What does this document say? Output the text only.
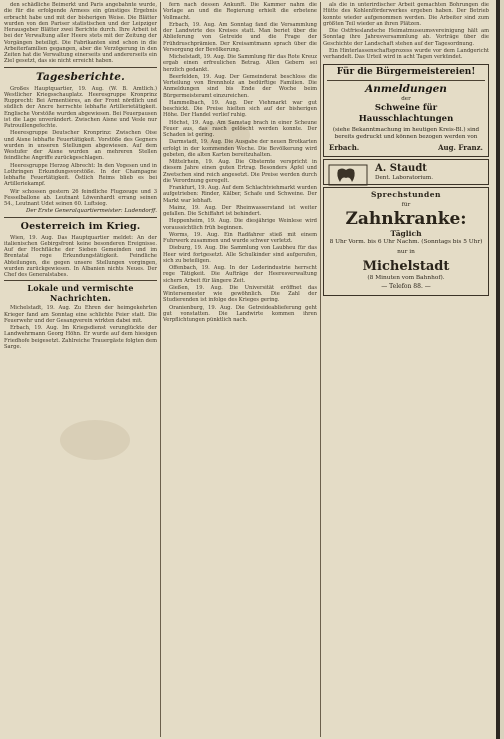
den schädliche Beimerkt und Paris angebahnte wurde, die für die erfolgende Armees ein günstiges Ergebnis erbracht habe und mit der bisherigen Weise. Die Blätter wurden von den Pariser statistischen und der Leipziger Herausgeber Blätter zwei Berichte durch. Ihre Arbeit ist bei der Verwaltung aller Heere stets mit der Zeitung der Vorgängen beteiligt. Die Fabrikanten sind schon in die Arbeiterfamilien gegangen, aber die Verzögerung in den Zeiten hat die Verwaltung einerseits und andererseits ein Ziel gesetzt, das sie nicht erreicht haben.

Tagesberichte.

Großes Hauptquartier, 19. Aug. (W. B. Amtlich.) Westlicher Kriegsschauplatz. Heeresgruppe Kronprinz Rupprecht: Bei Armentières, an der Front nördlich und südlich der Ancre herrschte lebhafte Artillerietätigkeit. Englische Vorstöße wurden abgewiesen. Bei Feuerpausen ist die Lage unverändert. Zwischen Aisne und Vesle nur Patrouillengefechte.

Heeresgruppe Deutscher Kronprinz: Zwischen Oise und Aisne lebhafte Feuertätigkeit. Vorstöße des Gegners wurden in unseren Stellungen abgewiesen. Auf dem Westufer der Aisne wurden an mehreren Stellen feindliche Angriffe zurückgeschlagen.

Heeresgruppe Herzog Albrecht: In den Vogesen und in Lothringen Erkundungsvorstöße. In der Champagne lebhafte Feuertätigkeit. Östlich Reims blieb es bei Artilleriekampf.

Wir schossen gestern 26 feindliche Flugzeuge und 3 Fesselballone ab. Leutnant Löwenhardt errang seinen 54., Leutnant Udet seinen 60. Luftsieg.

Der Erste Generalquartiermeister: Ludendorff.
Oesterreich im Krieg.

Wien, 19. Aug. Das Hauptquartier meldet: An der italienischen Gebirgsfront keine besonderen Ereignisse. Auf der Hochfläche der Sieben Gemeinden und im Brentatal rege Erkundungstätigkeit. Feindliche Abteilungen, die gegen unsere Stellungen vorgingen, wurden zurückgewiesen. In Albanien nichts Neues. Der Chef des Generalstabes.

Lokale und vermischte Nachrichten.

Michelstadt, 19. Aug. Zu Ehren der heimgekehrten Krieger fand am Sonntag eine schlichte Feier statt. Die Feuerwehr und der Gesangverein wirkten dabei mit.

Erbach, 19. Aug. Im Kriegsdienst verunglückte der Landwehrmann Georg Höhn. Er wurde auf dem hiesigen Friedhofe beigesetzt. Zahlreiche Trauergäste folgten dem Sarge.

fern nach dessen Ankunft. Die Kammer nahm die Vorlage an und die Regierung erhielt die erbetene Vollmacht.

Erbach, 19. Aug. Am Sonntag fand die Versammlung der Landwirte des Kreises statt. Man beriet über die Ablieferung von Getreide und die Frage der Frühdruschprämien. Der Kreisamtmann sprach über die Versorgung der Bevölkerung.

Michelstadt, 19. Aug. Die Sammlung für das Rote Kreuz ergab einen erfreulichen Betrag. Allen Gebern sei herzlich gedankt.

Beerfelden, 19. Aug. Der Gemeinderat beschloss die Verteilung von Brennholz an bedürftige Familien. Die Anmeldungen sind bis Ende der Woche beim Bürgermeisteramt einzureichen.

Hammelbach, 19. Aug. Der Viehmarkt war gut beschickt. Die Preise hielten sich auf der bisherigen Höhe. Der Handel verlief ruhig.

Höchst, 19. Aug. Am Samstag brach in einer Scheune Feuer aus, das rasch gelöscht werden konnte. Der Schaden ist gering.

Darmstadt, 19. Aug. Die Ausgabe der neuen Brotkarten erfolgt in der kommenden Woche. Die Bevölkerung wird gebeten, die alten Karten bereitzuhalten.

Mittelrhein, 19. Aug. Die Obsternte verspricht in diesem Jahre einen guten Ertrag. Besonders Äpfel und Zwetschen sind reich angesetzt. Die Preise werden durch die Verordnung geregelt.

Frankfurt, 19. Aug. Auf dem Schlachtviehmarkt wurden aufgetrieben: Rinder, Kälber, Schafe und Schweine. Der Markt war lebhaft.

Mainz, 19. Aug. Der Rheinwasserstand ist weiter gefallen. Die Schiffahrt ist behindert.

Heppenheim, 19. Aug. Die diesjährige Weinlese wird voraussichtlich früh beginnen.

Worms, 19. Aug. Ein Radfahrer stieß mit einem Fuhrwerk zusammen und wurde schwer verletzt.

Dieburg, 19. Aug. Die Sammlung von Laubheu für das Heer wird fortgesetzt. Alle Schulkinder sind aufgerufen, sich zu beteiligen.

Offenbach, 19. Aug. In der Lederindustrie herrscht rege Tätigkeit. Die Aufträge der Heeresverwaltung sichern Arbeit für längere Zeit.

Gießen, 19. Aug. Die Universität eröffnet das Wintersemester wie gewöhnlich. Die Zahl der Studierenden ist infolge des Krieges gering.

Oranienburg, 19. Aug. Die Getreideablieferung geht gut vonstatten. Die Landwirte kommen ihren Verpflichtungen pünktlich nach.

als die in unterirdischer Arbeit gemachten Bohrungen die Hütte des Kohlenförderwerkes ergeben haben. Der Betrieb konnte wieder aufgenommen werden. Die Arbeiter sind zum größten Teil wieder an ihren Plätzen.

Die Ostfrieslandsche Heimatmuseumsvereinigung hält am Sonntag ihre Jahresversammlung ab. Vorträge über die Geschichte der Landschaft stehen auf der Tagesordnung.

Ein Hinterlassenschaftsprozess wurde vor dem Landgericht verhandelt. Das Urteil wird in acht Tagen verkündet.

Für die Bürgermeistereien!
Anmeldungen
der
Schweine für Hausschlachtungen
(siehe Bekanntmachung im heutigen Kreis-Bl.) sind bereits gedruckt und können bezogen werden von
Erbach.	Aug. Franz.
A. Staudt
Dent. Laboratorium.
Sprechstunden
für
Zahnkranke:
Täglich
8 Uhr Vorm. bis 6 Uhr Nachm. (Sonntags bis 5 Uhr)
nur in
Michelstadt
(8 Minuten vom Bahnhof).
— Telefon 88. —
